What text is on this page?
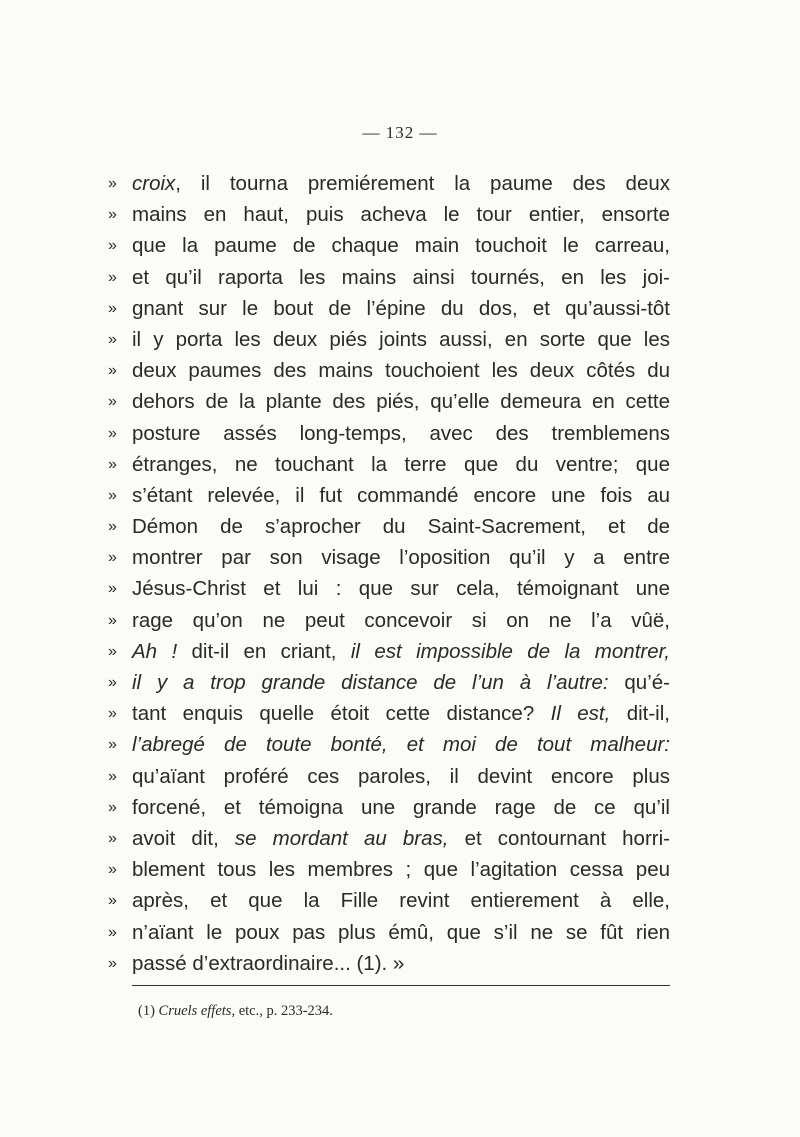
— 132 —
» croix, il tourna premiérement la paume des deux
» mains en haut, puis acheva le tour entier, ensorte
» que la paume de chaque main touchoit le carreau,
» et qu’il raporta les mains ainsi tournés, en les joi-
» gnant sur le bout de l’épine du dos, et qu’aussi-tôt
» il y porta les deux piés joints aussi, en sorte que les
» deux paumes des mains touchoient les deux côtés du
» dehors de la plante des piés, qu’elle demeura en cette
» posture assés long-temps, avec des tremblemens
» étranges, ne touchant la terre que du ventre; que
» s’étant relevée, il fut commandé encore une fois au
» Démon de s’aprocher du Saint-Sacrement, et de
» montrer par son visage l’oposition qu’il y a entre
» Jésus-Christ et lui : que sur cela, témoignant une
» rage qu’on ne peut concevoir si on ne l’a vûë,
» Ah ! dit-il en criant, il est impossible de la montrer,
» il y a trop grande distance de l’un à l’autre: qu’é-
» tant enquis quelle étoit cette distance? Il est, dit-il,
» l’abregé de toute bonté, et moi de tout malheur:
» qu’aïant proféré ces paroles, il devint encore plus
» forcené, et témoigna une grande rage de ce qu’il
» avoit dit, se mordant au bras, et contournant horri-
» blement tous les membres ; que l’agitation cessa peu
» après, et que la Fille revint entierement à elle,
» n’aïant le poux pas plus émû, que s’il ne se fût rien
» passé d’extraordinaire... (1). »
(1) Cruels effets, etc., p. 233-234.
